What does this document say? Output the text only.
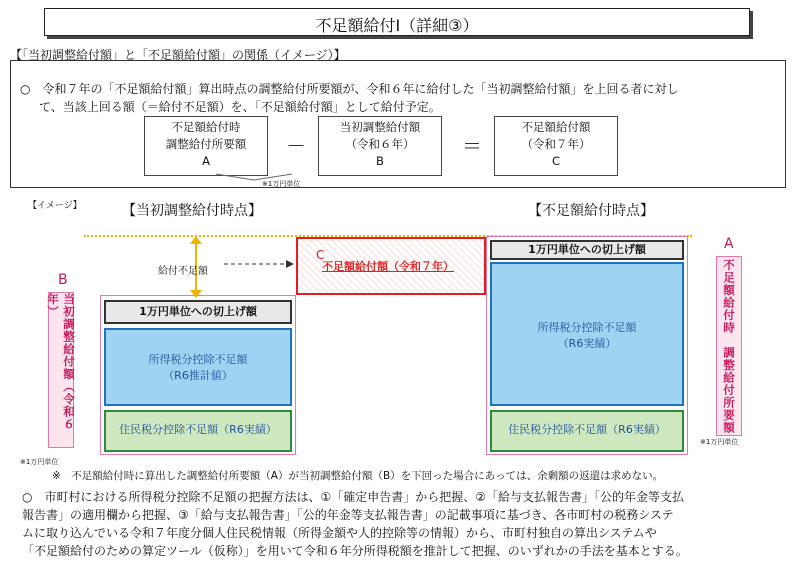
不足額給付Ⅰ（詳細③）
【「当初調整給付額」と「不足額給付額」の関係（イメージ）】
○　令和７年の「不足額給付額」算出時点の調整給付所要額が、令和６年に給付した「当初調整給付額」を上回る者に対し
て、当該上回る額（＝給付不足額）を、「不足額給付額」として給付予定。
不足額給付時
調整給付所要額
A
－
当初調整給付額
（令和６年）
B
＝
不足額給付額
（令和７年）
C
※1万円単位
【イメージ】	【当初調整給付時点】	【不足額給付時点】
B
当初調整給付額（令和６年）	1万円単位への切上げ額
所得税分控除不足額
（R6推計値）
住民税分控除不足額（R6実績）
給付不足額
C
不足額給付額（令和７年）
1万円単位への切上げ額
所得税分控除不足額
（R6実績）
住民税分控除不足額（R6実績）
A
不足額給付時　調整給付所要額
※1万円単位
※1万円単位
※　不足額給付時に算出した調整給付所要額（A）が当初調整給付額（B）を下回った場合にあっては、余剰額の返還は求めない。
○　市町村における所得税分控除不足額の把握方法は、①「確定申告書」から把握、②「給与支払報告書」「公的年金等支払
報告書」の適用欄から把握、③「給与支払報告書」「公的年金等支払報告書」の記載事項に基づき、各市町村の税務システ
ムに取り込んでいる令和７年度分個人住民税情報（所得金額や人的控除等の情報）から、市町村独自の算出システムや
「不足額給付のための算定ツール（仮称）」を用いて令和６年分所得税額を推計して把握、のいずれかの手法を基本とする。
